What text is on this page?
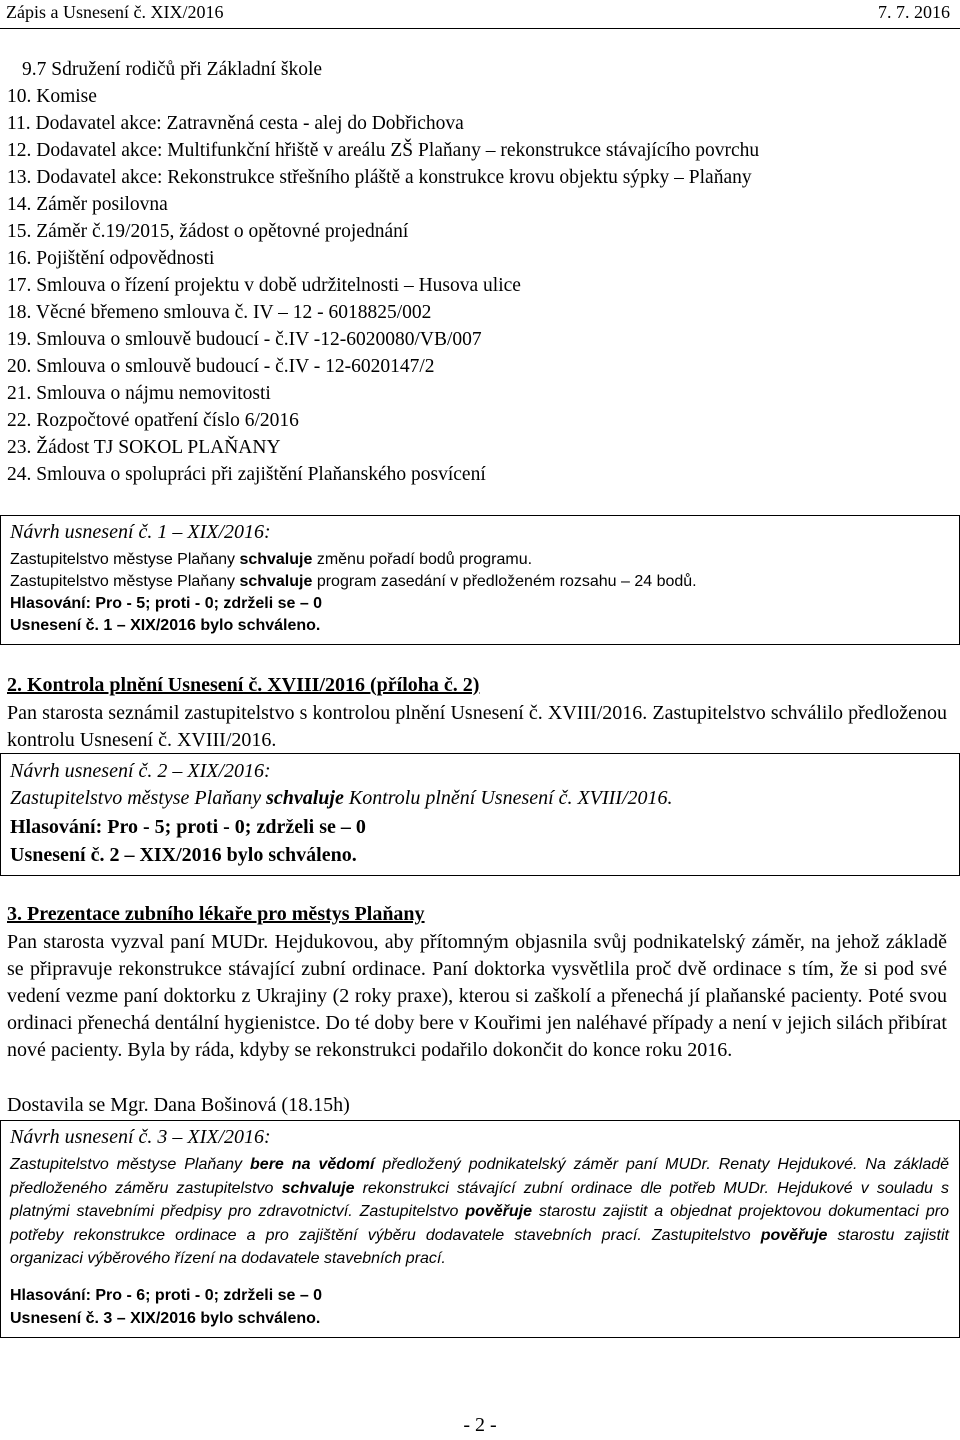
Zápis a Usnesení č. XIX/2016	7. 7. 2016
9.7 Sdružení rodičů při Základní škole
10. Komise
11. Dodavatel akce: Zatravněná cesta - alej do Dobřichova
12. Dodavatel akce: Multifunkční hřiště v areálu ZŠ Plaňany – rekonstrukce stávajícího povrchu
13. Dodavatel akce: Rekonstrukce střešního pláště a konstrukce krovu objektu sýpky – Plaňany
14. Záměr posilovna
15. Záměr č.19/2015, žádost o opětovné projednání
16. Pojištění odpovědnosti
17. Smlouva o řízení projektu v době udržitelnosti – Husova ulice
18. Věcné břemeno smlouva č. IV – 12 - 6018825/002
19. Smlouva o smlouvě budoucí - č.IV -12-6020080/VB/007
20. Smlouva o smlouvě budoucí - č.IV - 12-6020147/2
21. Smlouva o nájmu nemovitosti
22. Rozpočtové opatření číslo 6/2016
23. Žádost TJ SOKOL PLAŇANY
24. Smlouva o spolupráci při zajištění Plaňanského posvícení
Návrh usnesení č. 1 – XIX/2016:
Zastupitelstvo městyse Plaňany schvaluje změnu pořadí bodů programu.
Zastupitelstvo městyse Plaňany schvaluje program zasedání v předloženém rozsahu – 24 bodů.
Hlasování: Pro - 5; proti - 0; zdrželi se – 0
Usnesení č. 1 – XIX/2016 bylo schváleno.
2. Kontrola plnění Usnesení č. XVIII/2016 (příloha č. 2)
Pan starosta seznámil zastupitelstvo s kontrolou plnění Usnesení č. XVIII/2016. Zastupitelstvo schválilo předloženou kontrolu Usnesení č. XVIII/2016.
Návrh usnesení č. 2 – XIX/2016:
Zastupitelstvo městyse Plaňany schvaluje Kontrolu plnění Usnesení č. XVIII/2016.
Hlasování: Pro - 5; proti - 0; zdrželi se – 0
Usnesení č. 2 – XIX/2016 bylo schváleno.
3. Prezentace zubního lékaře pro městys Plaňany
Pan starosta vyzval paní MUDr. Hejdukovou, aby přítomným objasnila svůj podnikatelský záměr, na jehož základě se připravuje rekonstrukce stávající zubní ordinace. Paní doktorka vysvětlila proč dvě ordinace s tím, že si pod své vedení vezme paní doktorku z Ukrajiny (2 roky praxe), kterou si zaškolí a přenechá jí plaňanské pacienty. Poté svou ordinaci přenechá dentální hygienistce. Do té doby bere v Kouřimi jen naléhavé případy a není v jejich silách přibírat nové pacienty. Byla by ráda, kdyby se rekonstrukci podařilo dokončit do konce roku 2016.
Dostavila se Mgr. Dana Bošinová (18.15h)
Návrh usnesení č. 3 – XIX/2016:
Zastupitelstvo městyse Plaňany bere na vědomí předložený podnikatelský záměr paní MUDr. Renaty Hejdukové. Na základě předloženého záměru zastupitelstvo schvaluje rekonstrukci stávající zubní ordinace dle potřeb MUDr. Hejdukové v souladu s platnými stavebními předpisy pro zdravotnictví. Zastupitelstvo pověřuje starostu zajistit a objednat projektovou dokumentaci pro potřeby rekonstrukce ordinace a pro zajištění výběru dodavatele stavebních prací. Zastupitelstvo pověřuje starostu zajistit organizaci výběrového řízení na dodavatele stavebních prací.
Hlasování: Pro - 6; proti - 0; zdrželi se – 0
Usnesení č. 3 – XIX/2016 bylo schváleno.
- 2 -
